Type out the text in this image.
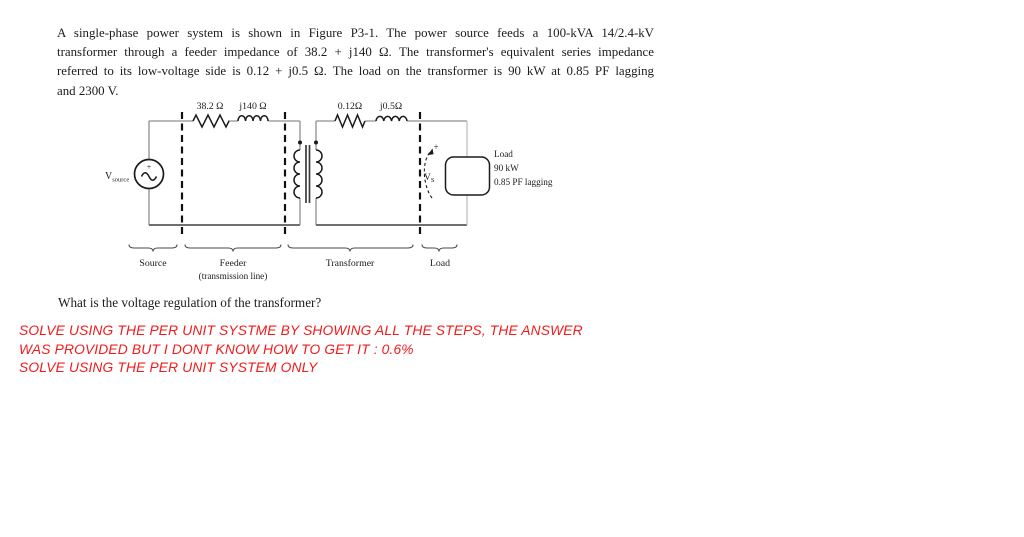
A single-phase power system is shown in Figure P3-1. The power source feeds a 100-kVA 14/2.4-kV
transformer through a feeder impedance of 38.2 + j140 Ω. The transformer's equivalent series impedance
referred to its low-voltage side is 0.12 + j0.5 Ω. The load on the transformer is 90 kW at 0.85 PF lagging
and 2300 V.
+
$V_{source}$
38.2 Ω j140 Ω	0.12Ω j0.5Ω
+
VS
Load
90 kW
0.85 PF lagging
Source	Feeder
(transmission line)
Transformer	Load
What is the voltage regulation of the transformer?
SOLVE USING THE PER UNIT SYSTME BY SHOWING ALL THE STEPS, THE ANSWER
WAS PROVIDED BUT I DONT KNOW HOW TO GET IT : 0.6%
SOLVE USING THE PER UNIT SYSTEM ONLY
